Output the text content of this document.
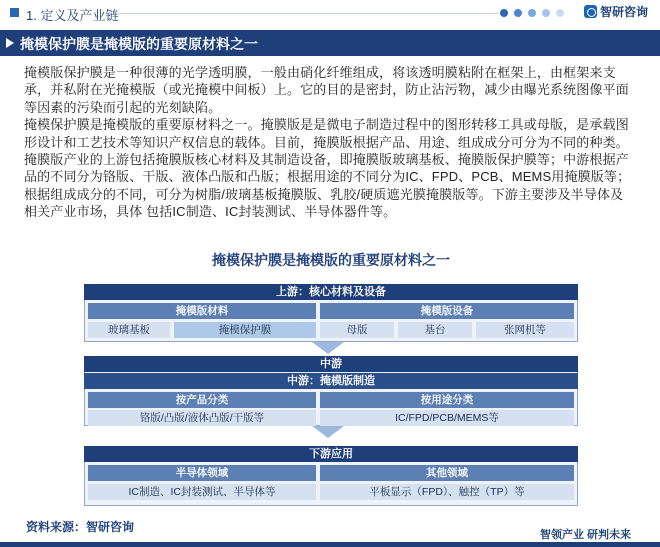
1. 定义及产业链	智研咨询
掩模保护膜是掩模版的重要原材料之一

掩模版保护膜是一种很薄的光学透明膜，一般由硝化纤维组成，将该透明膜粘附在框架上，由框架来支承，并私附在光掩模版（或光掩模中间板）上。它的目的是密封，防止沾污物，减少由曝光系统图像平面等因素的污染而引起的光刻缺陷。

掩模保护膜是掩模版的重要原材料之一。掩膜版是是微电子制造过程中的图形转移工具或母版，是承载图形设计和工艺技术等知识产权信息的载体。目前，掩膜版根据产品、用途、组成成分可分为不同的种类。掩膜版产业的上游包括掩膜版核心材料及其制造设备，即掩膜版玻璃基板、掩膜版保护膜等；中游根据产品的不同分为铬版、干版、液体凸版和凸版；根据用途的不同分为IC、FPD、PCB、MEMS用掩膜版等；根据组成成分的不同，可分为树脂/玻璃基板掩膜版、乳胶/硬质遮光膜掩膜版等。下游主要涉及半导体及相关产业市场，具体 包括IC制造、IC封装测试、半导体器件等。

掩模保护膜是掩模版的重要原材料之一
上游：核心材料及设备
掩模版材料	掩模版设备
玻璃基板	掩模保护膜	母版	基台	张网机等
中游
中游：掩模版制造
按产品分类	按用途分类
铬版/凸版/液体凸版/干版等	IC/FPD/PCB/MEMS等
下游应用
半导体领域	其他领域
IC制造、IC封装测试、半导体等	平板显示（FPD）、触控（TP）等
资料来源：智研咨询
智领产业 研判未来
